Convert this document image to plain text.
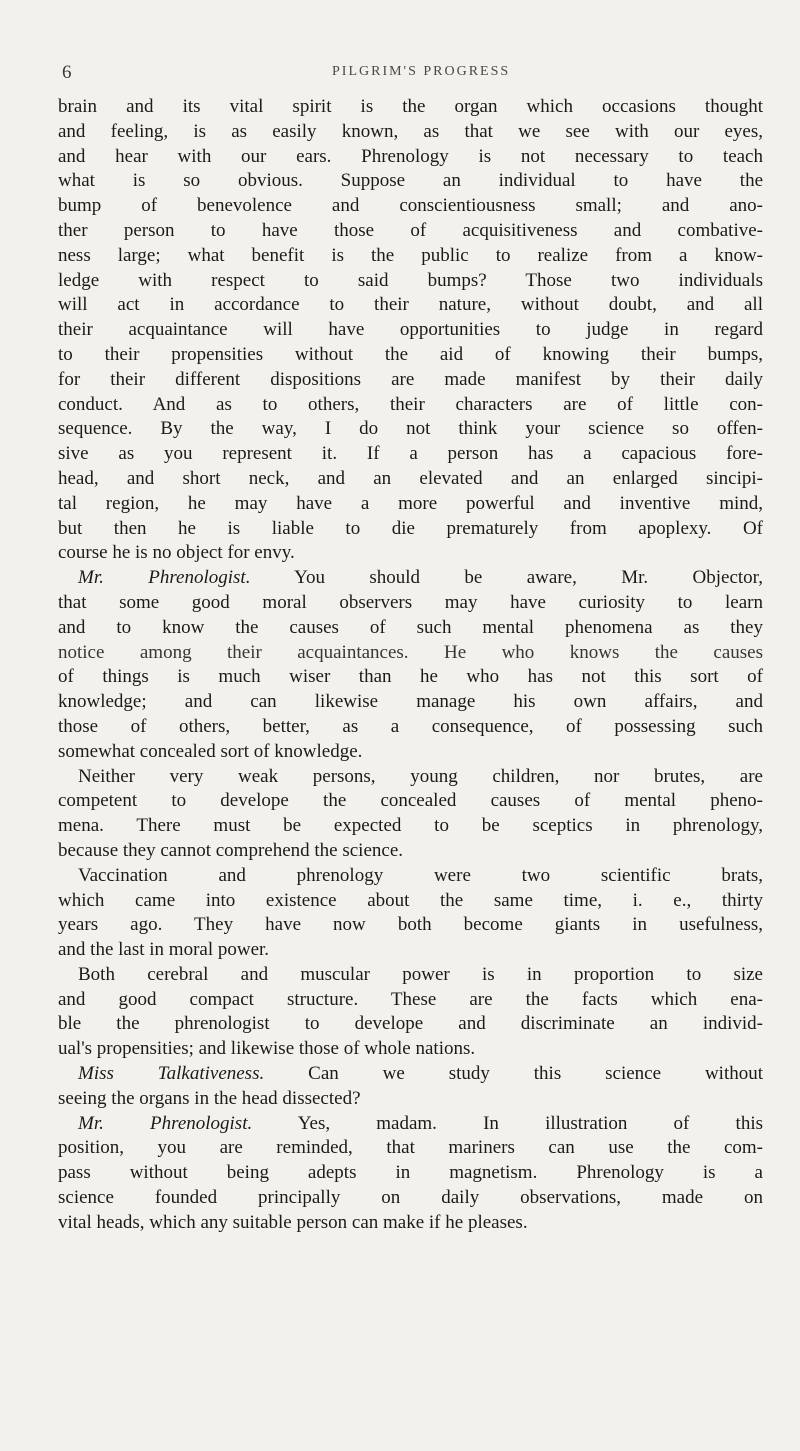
6	PILGRIM'S PROGRESS
brain and its vital spirit is the organ which occasions thought
and feeling, is as easily known, as that we see with our eyes,
and hear with our ears. Phrenology is not necessary to teach
what is so obvious. Suppose an individual to have the
bump of benevolence and conscientiousness small; and ano-
ther person to have those of acquisitiveness and combative-
ness large; what benefit is the public to realize from a know-
ledge with respect to said bumps? Those two individuals
will act in accordance to their nature, without doubt, and all
their acquaintance will have opportunities to judge in regard
to their propensities without the aid of knowing their bumps,
for their different dispositions are made manifest by their daily
conduct. And as to others, their characters are of little con-
sequence. By the way, I do not think your science so offen-
sive as you represent it. If a person has a capacious fore-
head, and short neck, and an elevated and an enlarged sincipi-
tal region, he may have a more powerful and inventive mind,
but then he is liable to die prematurely from apoplexy. Of
course he is no object for envy.
Mr. Phrenologist. You should be aware, Mr. Objector,
that some good moral observers may have curiosity to learn
and to know the causes of such mental phenomena as they
notice among their acquaintances. He who knows the causes
of things is much wiser than he who has not this sort of
knowledge; and can likewise manage his own affairs, and
those of others, better, as a consequence, of possessing such
somewhat concealed sort of knowledge.
Neither very weak persons, young children, nor brutes, are
competent to develope the concealed causes of mental pheno-
mena. There must be expected to be sceptics in phrenology,
because they cannot comprehend the science.
Vaccination and phrenology were two scientific brats,
which came into existence about the same time, i. e., thirty
years ago. They have now both become giants in usefulness,
and the last in moral power.
Both cerebral and muscular power is in proportion to size
and good compact structure. These are the facts which ena-
ble the phrenologist to develope and discriminate an individ-
ual's propensities; and likewise those of whole nations.
Miss Talkativeness. Can we study this science without
seeing the organs in the head dissected?
Mr. Phrenologist. Yes, madam. In illustration of this
position, you are reminded, that mariners can use the com-
pass without being adepts in magnetism. Phrenology is a
science founded principally on daily observations, made on
vital heads, which any suitable person can make if he pleases.
